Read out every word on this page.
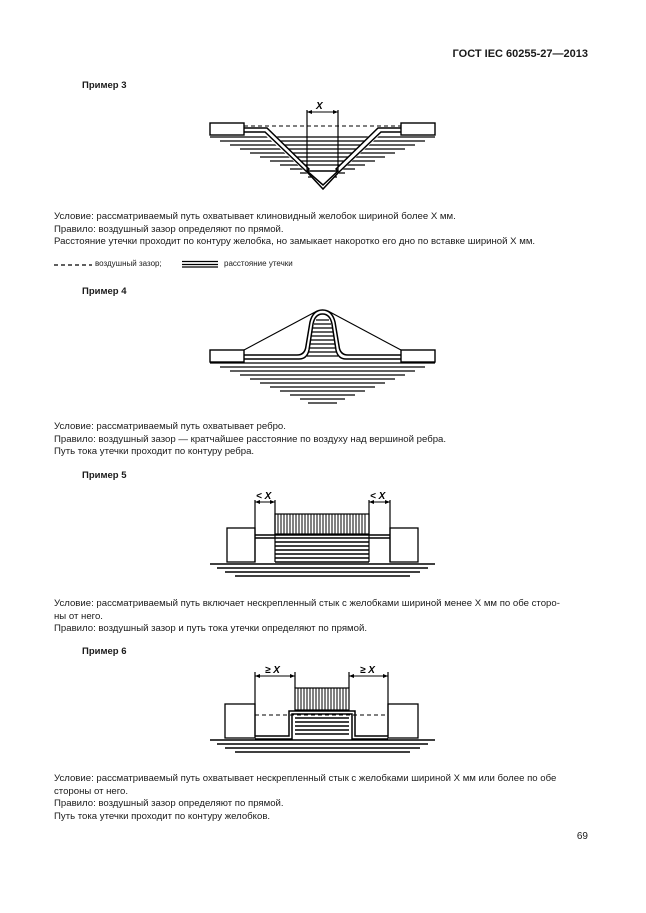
ГОСТ IEC 60255-27—2013
Пример 3
X

Условие: рассматриваемый путь охватывает клиновидный желобок шириной более X мм.

Правило: воздушный зазор определяют по прямой.

Расстояние утечки проходит по контуру желобка, но замыкает накоротко его дно по вставке шириной X мм.

воздушный зазор;	расстояние утечки
Пример 4

Условие: рассматриваемый путь охватывает ребро.

Правило: воздушный зазор — кратчайшее расстояние по воздуху над вершиной ребра.

Путь тока утечки проходит по контуру ребра.

Пример 5
< X	< X

Условие: рассматриваемый путь включает нескрепленный стык с желобками шириной менее X мм по обе сторо-

ны от него.

Правило: воздушный зазор и путь тока утечки определяют по прямой.

Пример 6
≥ X	≥ X

Условие: рассматриваемый путь охватывает нескрепленный стык с желобками шириной X мм или более по обе

стороны от него.

Правило: воздушный зазор определяют по прямой.

Путь тока утечки проходит по контуру желобков.

69
